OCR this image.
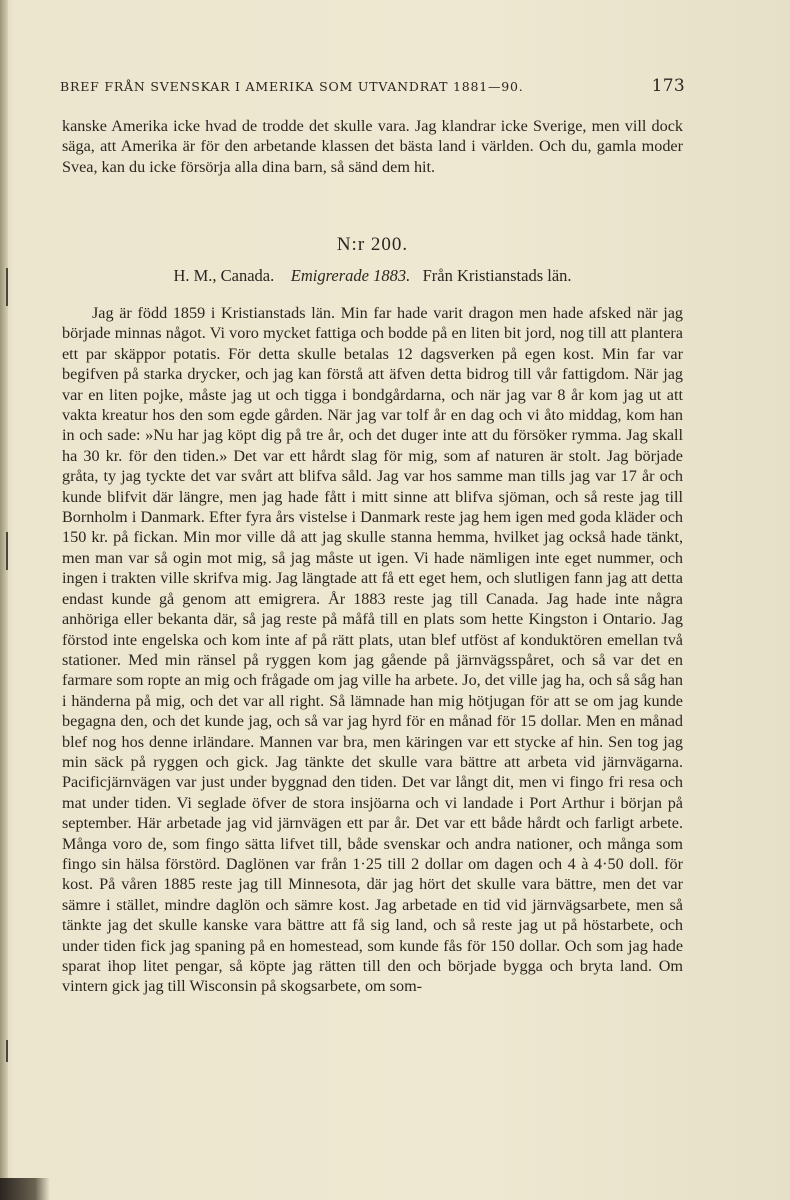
BREF FRÅN SVENSKAR I AMERIKA SOM UTVANDRAT 1881—90.	173

kanske Amerika icke hvad de trodde det skulle vara. Jag klandrar icke Sverige, men vill dock säga, att Amerika är för den arbetande klassen det bästa land i världen. Och du, gamla moder Svea, kan du icke försörja alla dina barn, så sänd dem hit.

N:r 200.
H. M., Canada. Emigrerade 1883. Från Kristianstads län.

Jag är född 1859 i Kristianstads län. Min far hade varit dragon men hade afsked när jag började minnas något. Vi voro mycket fattiga och bodde på en liten bit jord, nog till att plantera ett par skäppor potatis. För detta skulle betalas 12 dagsverken på egen kost. Min far var begifven på starka drycker, och jag kan förstå att äfven detta bidrog till vår fattigdom. När jag var en liten pojke, måste jag ut och tigga i bondgårdarna, och när jag var 8 år kom jag ut att vakta kreatur hos den som egde gården. När jag var tolf år en dag och vi åto middag, kom han in och sade: »Nu har jag köpt dig på tre år, och det duger inte att du försöker rymma. Jag skall ha 30 kr. för den tiden.» Det var ett hårdt slag för mig, som af naturen är stolt. Jag började gråta, ty jag tyckte det var svårt att blifva såld. Jag var hos samme man tills jag var 17 år och kunde blifvit där längre, men jag hade fått i mitt sinne att blifva sjöman, och så reste jag till Bornholm i Danmark. Efter fyra års vistelse i Danmark reste jag hem igen med goda kläder och 150 kr. på fickan. Min mor ville då att jag skulle stanna hemma, hvilket jag också hade tänkt, men man var så ogin mot mig, så jag måste ut igen. Vi hade nämligen inte eget nummer, och ingen i trakten ville skrifva mig. Jag längtade att få ett eget hem, och slutligen fann jag att detta endast kunde gå genom att emigrera. År 1883 reste jag till Canada. Jag hade inte några anhöriga eller bekanta där, så jag reste på måfå till en plats som hette Kingston i Ontario. Jag förstod inte engelska och kom inte af på rätt plats, utan blef utföst af konduktören emellan två stationer. Med min ränsel på ryggen kom jag gående på järnvägsspåret, och så var det en farmare som ropte an mig och frågade om jag ville ha arbete. Jo, det ville jag ha, och så såg han i händerna på mig, och det var all right. Så lämnade han mig hötjugan för att se om jag kunde begagna den, och det kunde jag, och så var jag hyrd för en månad för 15 dollar. Men en månad blef nog hos denne irländare. Mannen var bra, men käringen var ett stycke af hin. Sen tog jag min säck på ryggen och gick. Jag tänkte det skulle vara bättre att arbeta vid järnvägarna. Pacificjärnvägen var just under byggnad den tiden. Det var långt dit, men vi fingo fri resa och mat under tiden. Vi seglade öfver de stora insjöarna och vi landade i Port Arthur i början på september. Här arbetade jag vid järnvägen ett par år. Det var ett både hårdt och farligt arbete. Många voro de, som fingo sätta lifvet till, både svenskar och andra nationer, och många som fingo sin hälsa förstörd. Daglönen var från 1·25 till 2 dollar om dagen och 4 à 4·50 doll. för kost. På våren 1885 reste jag till Minnesota, där jag hört det skulle vara bättre, men det var sämre i stället, mindre daglön och sämre kost. Jag arbetade en tid vid järnvägsarbete, men så tänkte jag det skulle kanske vara bättre att få sig land, och så reste jag ut på höstarbete, och under tiden fick jag spaning på en homestead, som kunde fås för 150 dollar. Och som jag hade sparat ihop litet pengar, så köpte jag rätten till den och började bygga och bryta land. Om vintern gick jag till Wisconsin på skogsarbete, om som-
